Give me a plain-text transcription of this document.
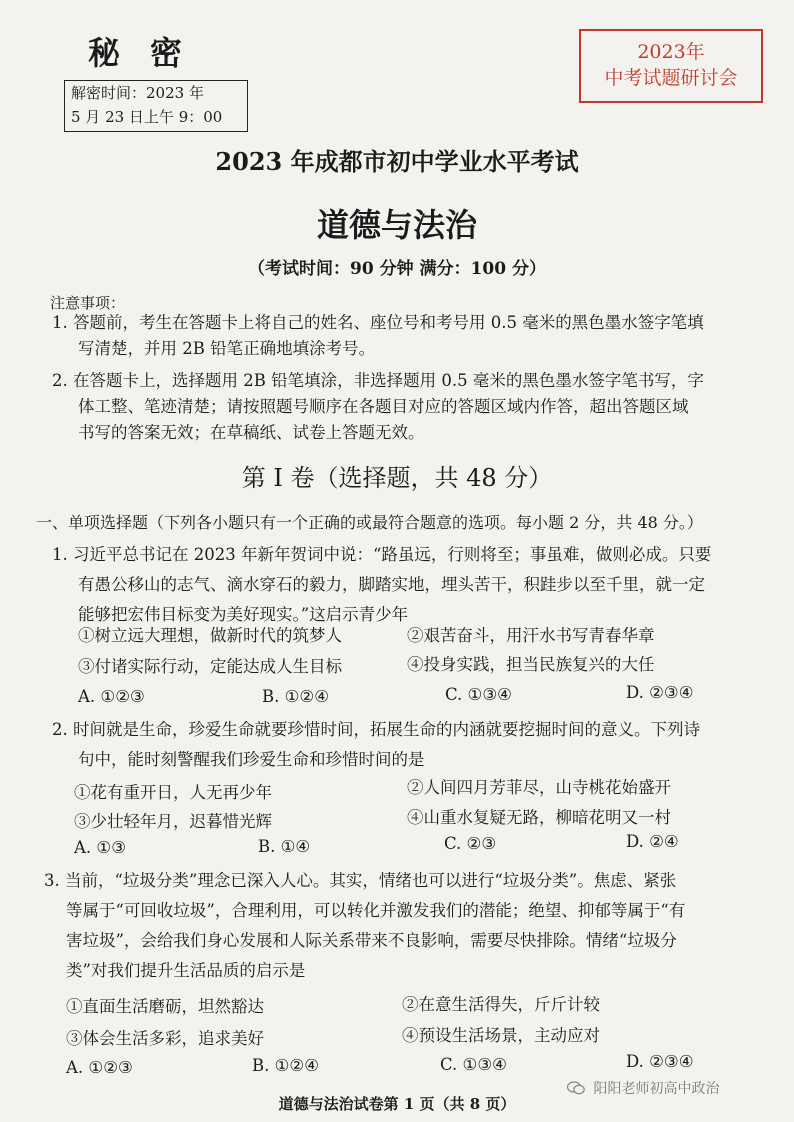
秘密
解密时间：2023 年
5 月 23 日上午 9：00
2023年
中考试题研讨会
2023 年成都市初中学业水平考试
道德与法治
（考试时间：90 分钟 满分：100 分）
注意事项：
1. 答题前，考生在答题卡上将自己的姓名、座位号和考号用 0.5 毫米的黑色墨水签字笔填
写清楚，并用 2B 铅笔正确地填涂考号。
2. 在答题卡上，选择题用 2B 铅笔填涂，非选择题用 0.5 毫米的黑色墨水签字笔书写，字
体工整、笔迹清楚；请按照题号顺序在各题目对应的答题区域内作答，超出答题区域
书写的答案无效；在草稿纸、试卷上答题无效。
第 I 卷（选择题，共 48 分）
一、单项选择题（下列各小题只有一个正确的或最符合题意的选项。每小题 2 分，共 48 分。）
1. 习近平总书记在 2023 年新年贺词中说：“路虽远，行则将至；事虽难，做则必成。只要
有愚公移山的志气、滴水穿石的毅力，脚踏实地，埋头苦干，积跬步以至千里，就一定
能够把宏伟目标变为美好现实。”这启示青少年
①树立远大理想，做新时代的筑梦人	②艰苦奋斗，用汗水书写青春华章
③付诸实际行动，定能达成人生目标	④投身实践，担当民族复兴的大任
A. ①②③	B. ①②④	C. ①③④	D. ②③④
2. 时间就是生命，珍爱生命就要珍惜时间，拓展生命的内涵就要挖掘时间的意义。下列诗
句中，能时刻警醒我们珍爱生命和珍惜时间的是
①花有重开日，人无再少年	②人间四月芳菲尽，山寺桃花始盛开
③少壮轻年月，迟暮惜光辉	④山重水复疑无路，柳暗花明又一村
A. ①③	B. ①④	C. ②③	D. ②④
3. 当前，“垃圾分类”理念已深入人心。其实，情绪也可以进行“垃圾分类”。焦虑、紧张
等属于“可回收垃圾”，合理利用，可以转化并激发我们的潜能；绝望、抑郁等属于“有
害垃圾”，会给我们身心发展和人际关系带来不良影响，需要尽快排除。情绪“垃圾分
类”对我们提升生活品质的启示是
①直面生活磨砺，坦然豁达	②在意生活得失，斤斤计较
③体会生活多彩，追求美好	④预设生活场景，主动应对
A. ①②③	B. ①②④	C. ①③④	D. ②③④
道德与法治试卷第 1 页（共 8 页）
阳阳老师初高中政治
